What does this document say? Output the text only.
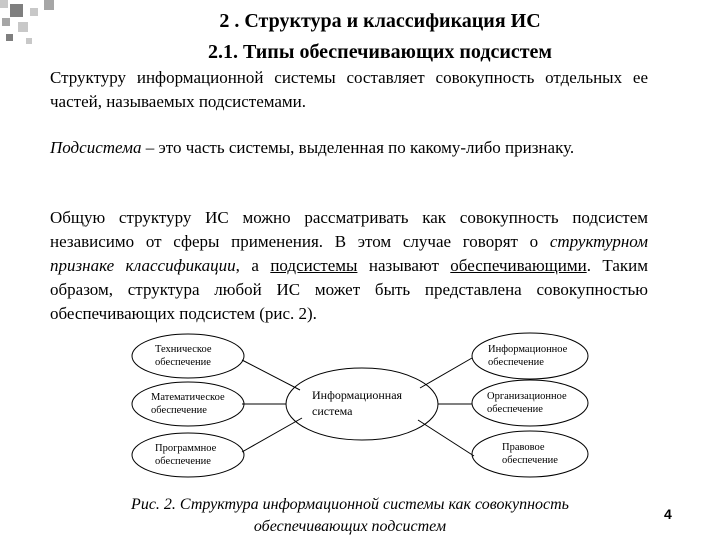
2 . Структура и классификация ИС
2.1. Типы обеспечивающих подсистем
Структуру информационной системы составляет совокупность отдельных ее частей, называемых подсистемами.
Подсистема – это часть системы, выделенная по какому-либо признаку.
Общую структуру ИС можно рассматривать как совокупность подсистем независимо от сферы применения. В этом случае говорят о структурном признаке классификации, а подсистемы называют обеспечивающими. Таким образом, структура любой ИС может быть представлена совокупностью обеспечивающих подсистем (рис. 2).
Информационная
система
Техническое
обеспечение
Математическое
обеспечение
Программное
обеспечение
Информационное
обеспечение
Организационное
обеспечение
Правовое
обеспечение
Рис. 2. Структура информационной системы как совокупность
обеспечивающих подсистем
4
